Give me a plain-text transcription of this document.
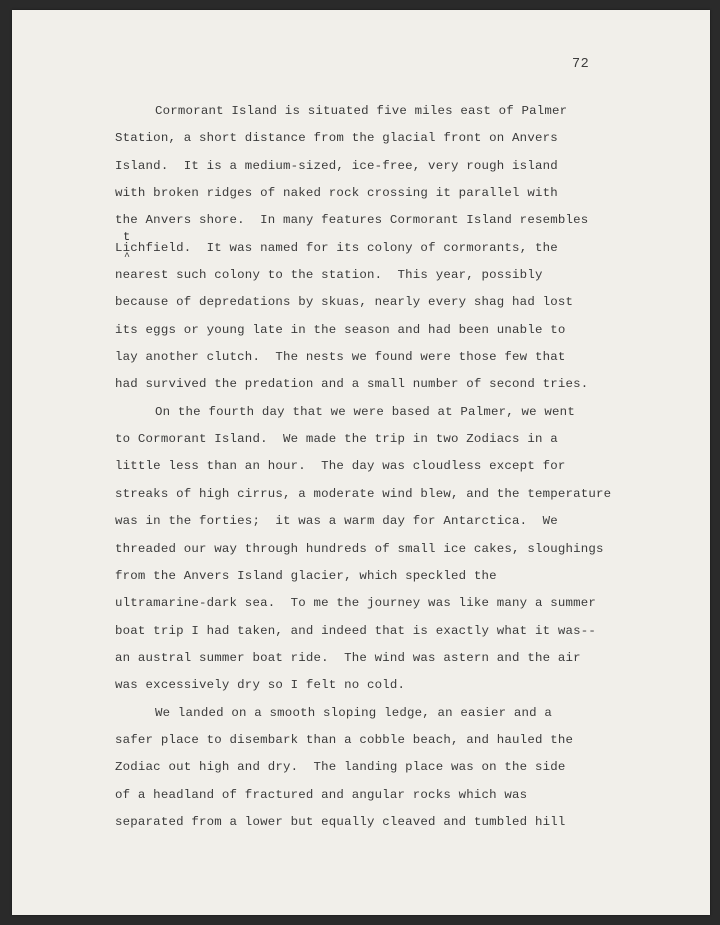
72
Cormorant Island is situated five miles east of Palmer
Station, a short distance from the glacial front on Anvers
Island.  It is a medium-sized, ice-free, very rough island
with broken ridges of naked rock crossing it parallel with
the Anvers shore.  In many features Cormorant Island resembles
Lichfield.
t
^
It was named for its colony of cormorants, the
nearest such colony to the station.  This year, possibly
because of depredations by skuas, nearly every shag had lost
its eggs or young late in the season and had been unable to
lay another clutch.  The nests we found were those few that
had survived the predation and a small number of second tries.
On the fourth day that we were based at Palmer, we went
to Cormorant Island.  We made the trip in two Zodiacs in a
little less than an hour.  The day was cloudless except for
streaks of high cirrus, a moderate wind blew, and the temperature
was in the forties;  it was a warm day for Antarctica.  We
threaded our way through hundreds of small ice cakes, sloughings
from the Anvers Island glacier, which speckled the
ultramarine-dark sea.  To me the journey was like many a summer
boat trip I had taken, and indeed that is exactly what it was--
an austral summer boat ride.  The wind was astern and the air
was excessively dry so I felt no cold.
We landed on a smooth sloping ledge, an easier and a
safer place to disembark than a cobble beach, and hauled the
Zodiac out high and dry.  The landing place was on the side
of a headland of fractured and angular rocks which was
separated from a lower but equally cleaved and tumbled hill
